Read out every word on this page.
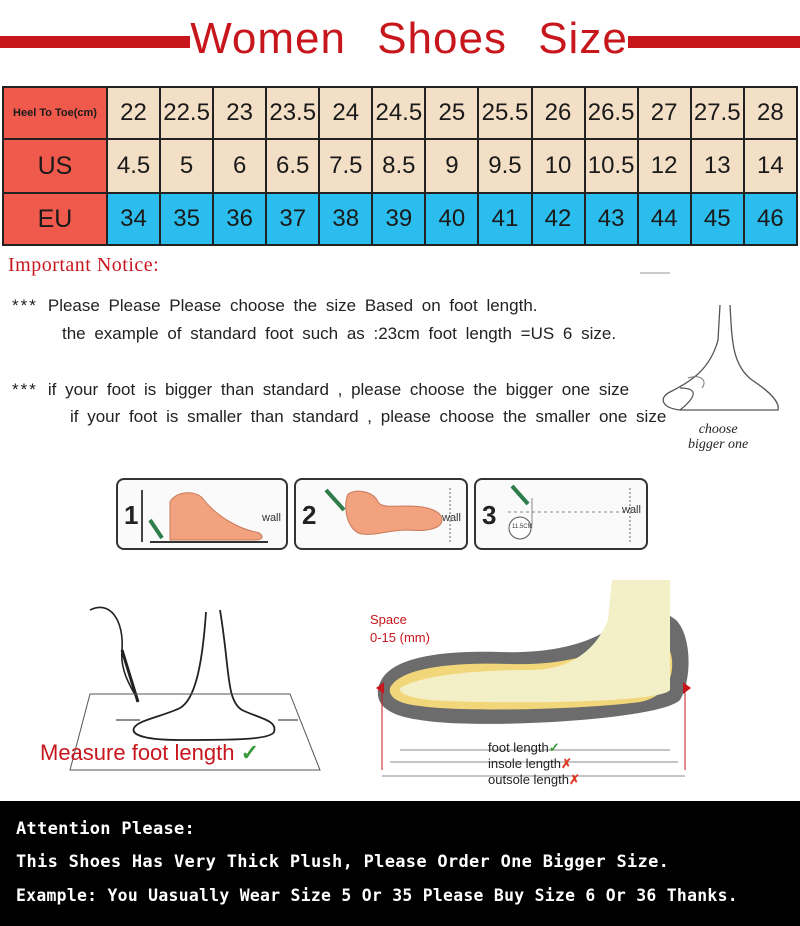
Women Shoes Size
Heel To Toe(cm)	22	22.5	23	23.5	24	24.5	25	25.5	26	26.5	27	27.5	28
US	4.5	5	6	6.5	7.5	8.5	9	9.5	10	10.5	12	13	14
EU	34	35	36	37	38	39	40	41	42	43	44	45	46
Important Notice:
*** Please Please Please choose the size Based on foot length.
the example of standard foot such as :23cm foot length =US 6 size.
*** if your foot is bigger than standard , please choose the bigger one size
if your foot is smaller than standard , please choose the smaller one size
choose
bigger one
1	wall 2	wall 3	wall
11.5CM
Measure foot length ✓
Space
0-15 (mm)
foot length✓
insole length✗
outsole length✗
Attention Please:
This Shoes Has Very Thick Plush, Please Order One Bigger Size.
Example: You Uasually Wear Size 5 Or 35 Please Buy Size 6 Or 36 Thanks.
